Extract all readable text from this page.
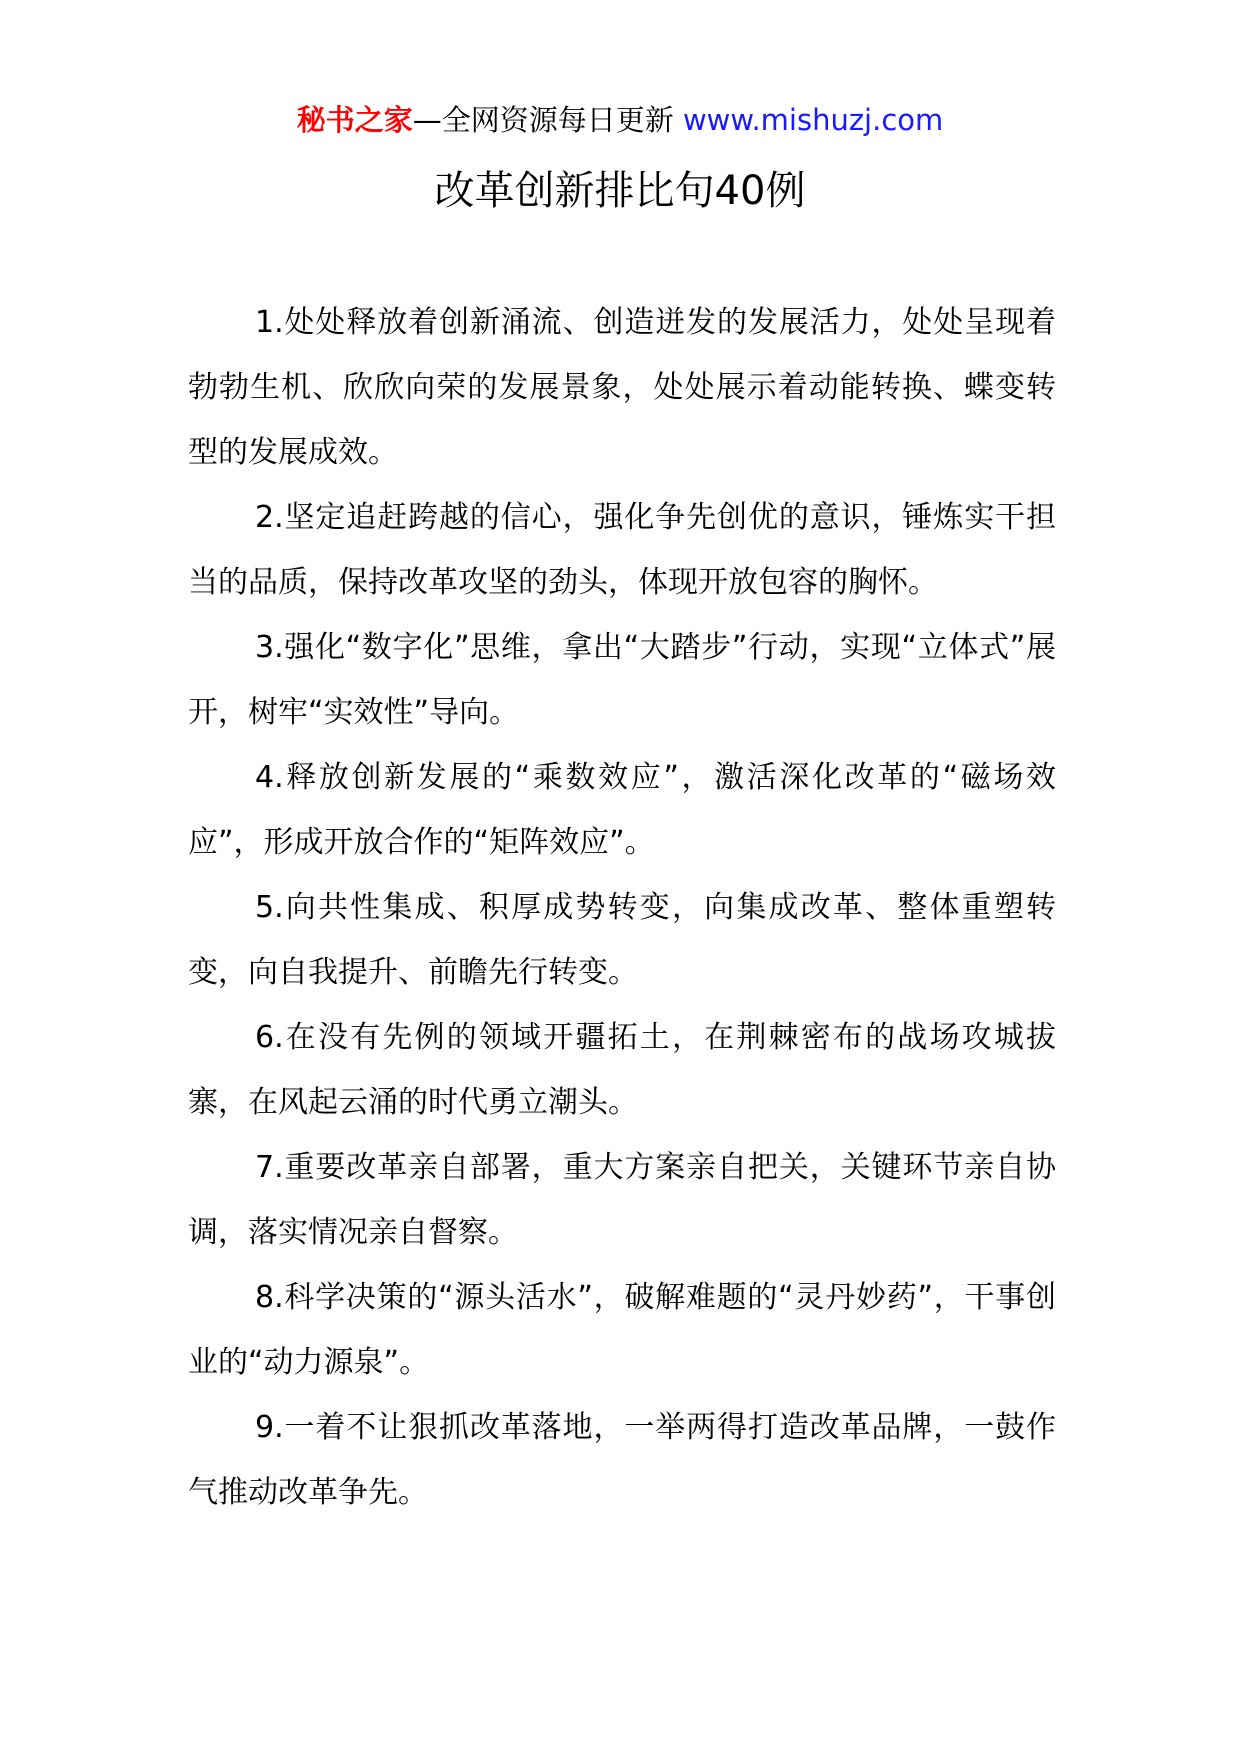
秘书之家—全网资源每日更新 www.mishuzj.com
改革创新排比句40例

1.处处释放着创新涌流、创造迸发的发展活力，处处呈现着勃勃生机、欣欣向荣的发展景象，处处展示着动能转换、蝶变转型的发展成效。

2.坚定追赶跨越的信心，强化争先创优的意识，锤炼实干担当的品质，保持改革攻坚的劲头，体现开放包容的胸怀。

3.强化“数字化”思维，拿出“大踏步”行动，实现“立体式”展开，树牢“实效性”导向。

4.释放创新发展的“乘数效应”，激活深化改革的“磁场效应”，形成开放合作的“矩阵效应”。

5.向共性集成、积厚成势转变，向集成改革、整体重塑转变，向自我提升、前瞻先行转变。

6.在没有先例的领域开疆拓土，在荆棘密布的战场攻城拔寨，在风起云涌的时代勇立潮头。

7.重要改革亲自部署，重大方案亲自把关，关键环节亲自协调，落实情况亲自督察。

8.科学决策的“源头活水”，破解难题的“灵丹妙药”，干事创业的“动力源泉”。

9.一着不让狠抓改革落地，一举两得打造改革品牌，一鼓作气推动改革争先。
